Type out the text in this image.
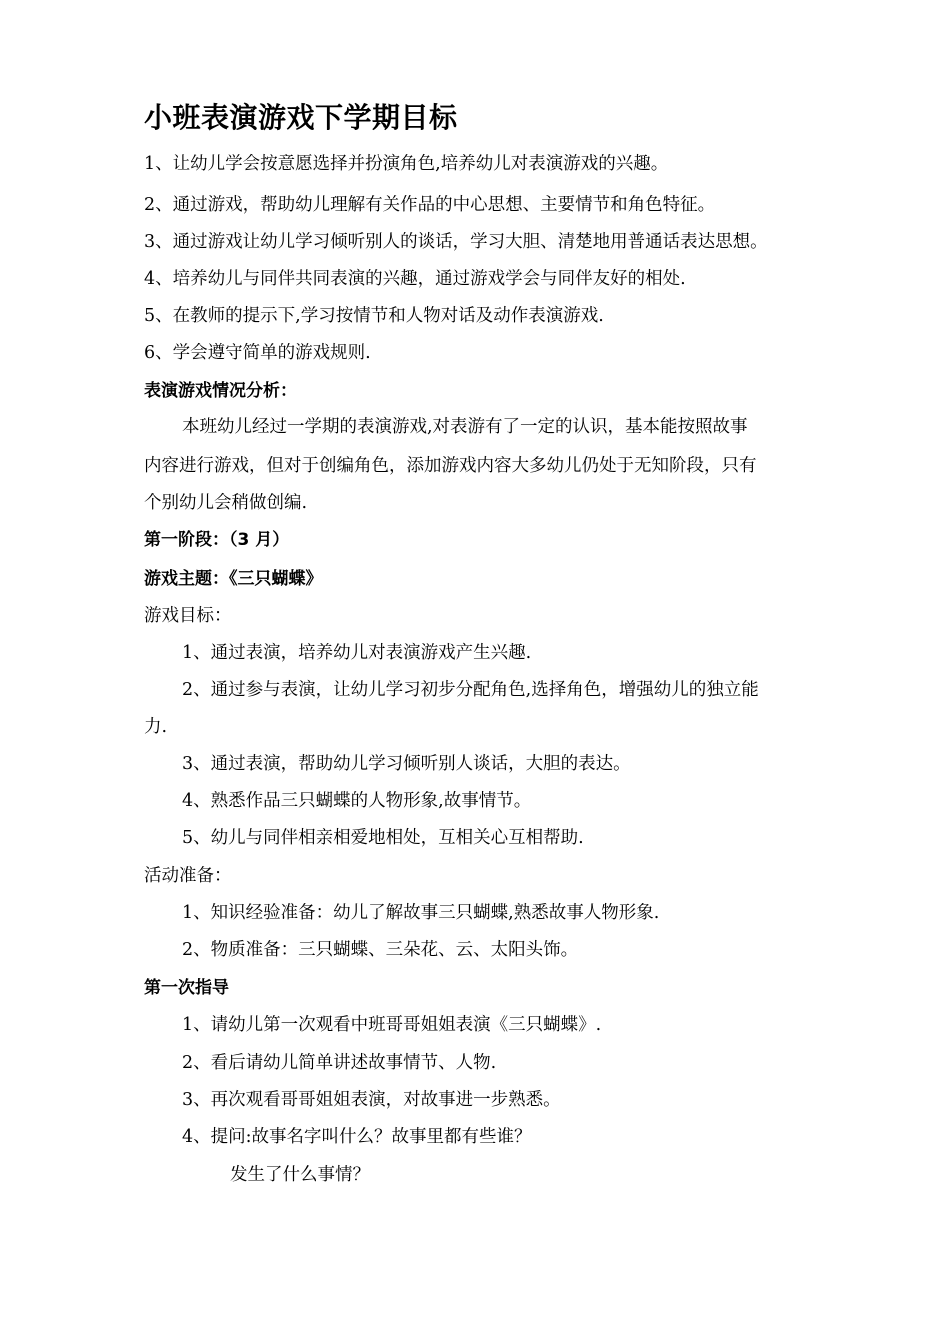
小班表演游戏下学期目标
1、让幼儿学会按意愿选择并扮演角色,培养幼儿对表演游戏的兴趣。
2、通过游戏，帮助幼儿理解有关作品的中心思想、主要情节和角色特征。
3、通过游戏让幼儿学习倾听别人的谈话，学习大胆、清楚地用普通话表达思想。
4、培养幼儿与同伴共同表演的兴趣，通过游戏学会与同伴友好的相处.
5、在教师的提示下,学习按情节和人物对话及动作表演游戏.
6、学会遵守简单的游戏规则.
表演游戏情况分析：
本班幼儿经过一学期的表演游戏,对表游有了一定的认识，基本能按照故事
内容进行游戏，但对于创编角色，添加游戏内容大多幼儿仍处于无知阶段，只有
个别幼儿会稍做创编.
第一阶段：（3 月）
游戏主题：《三只蝴蝶》
游戏目标：
1、通过表演，培养幼儿对表演游戏产生兴趣.
2、通过参与表演，让幼儿学习初步分配角色,选择角色，增强幼儿的独立能
力.
3、通过表演，帮助幼儿学习倾听别人谈话，大胆的表达。
4、熟悉作品三只蝴蝶的人物形象,故事情节。
5、幼儿与同伴相亲相爱地相处，互相关心互相帮助.
活动准备：
1、知识经验准备：幼儿了解故事三只蝴蝶,熟悉故事人物形象.
2、物质准备：三只蝴蝶、三朵花、云、太阳头饰。
第一次指导
1、请幼儿第一次观看中班哥哥姐姐表演《三只蝴蝶》.
2、看后请幼儿简单讲述故事情节、人物.
3、再次观看哥哥姐姐表演，对故事进一步熟悉。
4、提问:故事名字叫什么？故事里都有些谁？
发生了什么事情？
